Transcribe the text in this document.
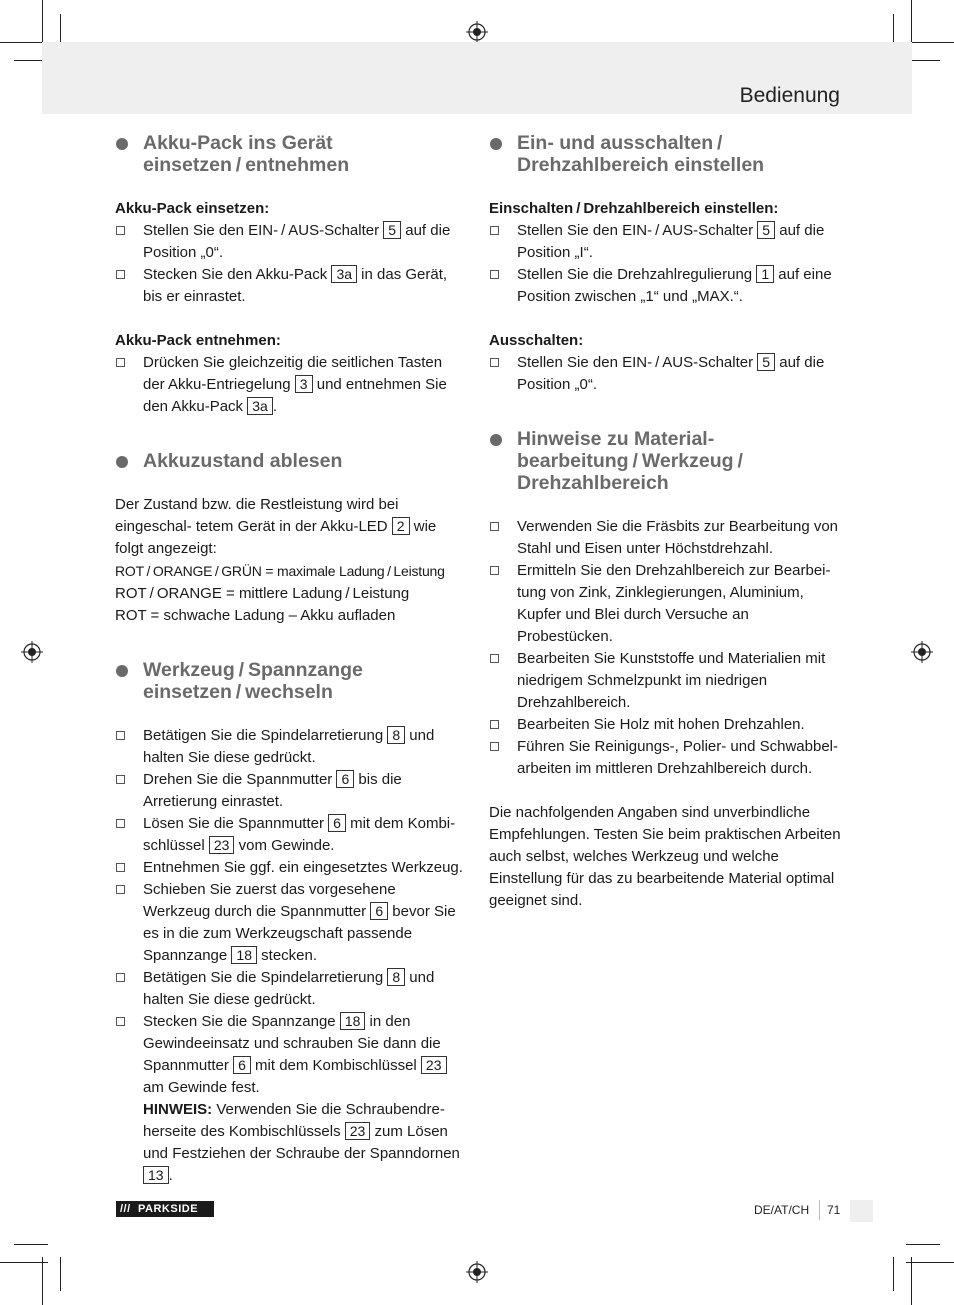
Bedienung
Akku-Pack ins Gerät
einsetzen / entnehmen
Akku-Pack einsetzen:
Stellen Sie den EIN- / AUS-Schalter 5 auf die Position „0“.
Stecken Sie den Akku-Pack 3a in das Gerät, bis er einrastet.
Akku-Pack entnehmen:
Drücken Sie gleichzeitig die seitlichen Tasten der Akku-Entriegelung 3 und entnehmen Sie den Akku-Pack 3a .
Akkuzustand ablesen

Der Zustand bzw. die Restleistung wird bei eingeschal- tetem Gerät in der Akku-LED 2 wie folgt angezeigt:
ROT / ORANGE / GRÜN = maximale Ladung / Leistung
ROT / ORANGE = mittlere Ladung / Leistung
ROT = schwache Ladung – Akku aufladen

Werkzeug / Spannzange
einsetzen / wechseln
Betätigen Sie die Spindelarretierung 8 und halten Sie diese gedrückt.
Drehen Sie die Spannmutter 6 bis die Arretierung einrastet.
Lösen Sie die Spannmutter 6 mit dem Kombi- schlüssel 23 vom Gewinde.
Entnehmen Sie ggf. ein eingesetztes Werkzeug.
Schieben Sie zuerst das vorgesehene Werkzeug durch die Spannmutter 6 bevor Sie es in die zum Werkzeugschaft passende Spannzange 18 stecken.
Betätigen Sie die Spindelarretierung 8 und halten Sie diese gedrückt.
Stecken Sie die Spannzange 18 in den Gewindeeinsatz und schrauben Sie dann die Spannmutter 6 mit dem Kombischlüssel 23 am Gewinde fest.
HINWEIS: Verwenden Sie die Schraubendre- herseite des Kombischlüssels 23 zum Lösen und Festziehen der Schraube der Spanndornen 13 .
Ein- und ausschalten /
Drehzahlbereich einstellen
Einschalten / Drehzahlbereich einstellen:
Stellen Sie den EIN- / AUS-Schalter 5 auf die Position „I“.
Stellen Sie die Drehzahlregulierung 1 auf eine Position zwischen „1“ und „MAX.“.
Ausschalten:
Stellen Sie den EIN- / AUS-Schalter 5 auf die Position „0“.
Hinweise zu Material-
bearbeitung / Werkzeug /
Drehzahlbereich
Verwenden Sie die Fräsbits zur Bearbeitung von Stahl und Eisen unter Höchstdrehzahl.
Ermitteln Sie den Drehzahlbereich zur Bearbei- tung von Zink, Zinklegierungen, Aluminium, Kupfer und Blei durch Versuche an Probestücken.
Bearbeiten Sie Kunststoffe und Materialien mit niedrigem Schmelzpunkt im niedrigen Drehzahlbereich.
Bearbeiten Sie Holz mit hohen Drehzahlen.
Führen Sie Reinigungs-, Polier- und Schwabbel- arbeiten im mittleren Drehzahlbereich durch.

Die nachfolgenden Angaben sind unverbindliche Empfehlungen. Testen Sie beim praktischen Arbeiten auch selbst, welches Werkzeug und welche Einstellung für das zu bearbeitende Material optimal geeignet sind.

/// PARKSIDE	DE/AT/CH 71
